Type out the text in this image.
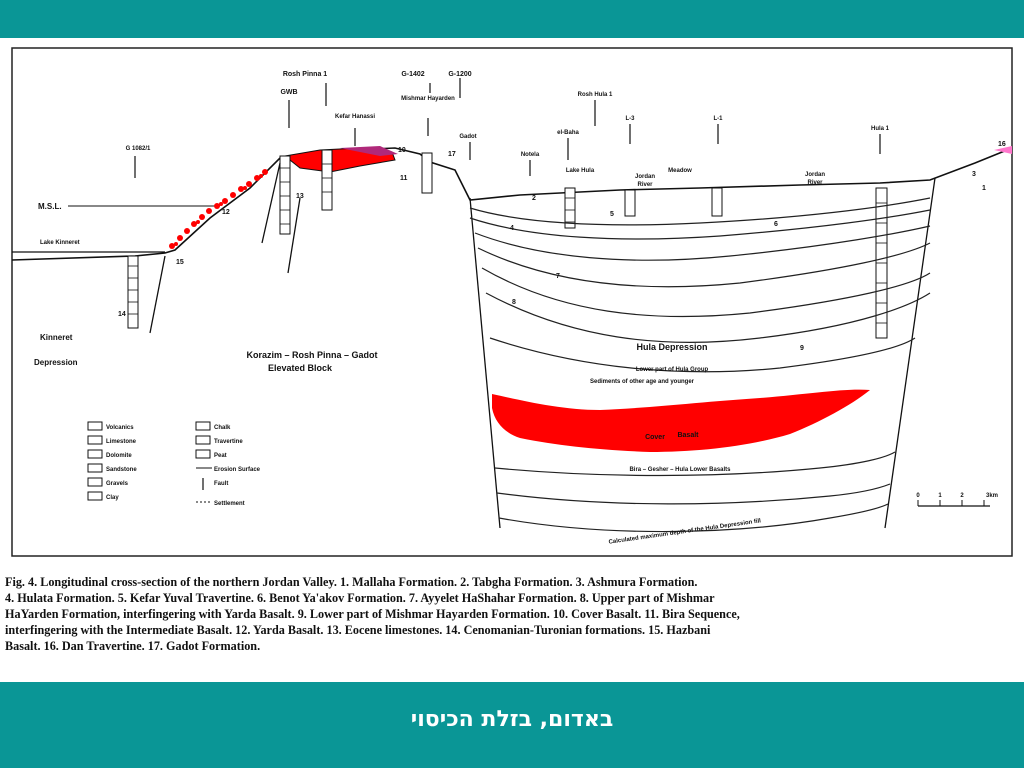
Rosh Pinna 1	G-1402	G-1200
GWB
Kefar Hanassi
Mishmar Hayarden
Gadot
G 1082/1
Notela
el-Baha
Rosh Hula 1
L-3	L-1
Hula 1
M.S.L.
Lake Kinneret
Kinneret
Depression
Korazim – Rosh Pinna – Gadot
Elevated Block
Lake Hula
Jordan
River
Meadow
Jordan
River
Hula Depression
Lower part of Hula Group
Sediments of other age and younger
Cover Basalt
Bira – Gesher – Hula Lower Basalts
Calculated maximum depth of the Hula Depression fill
1
2
3
4
5
6
7
8
9
10
11
12
13
14
15
16
17
Volcanics
Limestone
Dolomite
Sandstone
Gravels
Clay
Chalk
Travertine
Peat
Erosion Surface
Fault
Settlement
0	1	2	3km
Fig. 4. Longitudinal cross-section of the northern Jordan Valley. 1. Mallaha Formation. 2. Tabgha Formation. 3. Ashmura Formation.
4. Hulata Formation. 5. Kefar Yuval Travertine. 6. Benot Ya'akov Formation. 7. Ayyelet HaShahar Formation. 8. Upper part of Mishmar
HaYarden Formation, interfingering with Yarda Basalt. 9. Lower part of Mishmar Hayarden Formation. 10. Cover Basalt. 11. Bira Sequence,
interfingering with the Intermediate Basalt. 12. Yarda Basalt. 13. Eocene limestones. 14. Cenomanian-Turonian formations. 15. Hazbani
Basalt. 16. Dan Travertine. 17. Gadot Formation.
באדום, בזלת הכיסוי
